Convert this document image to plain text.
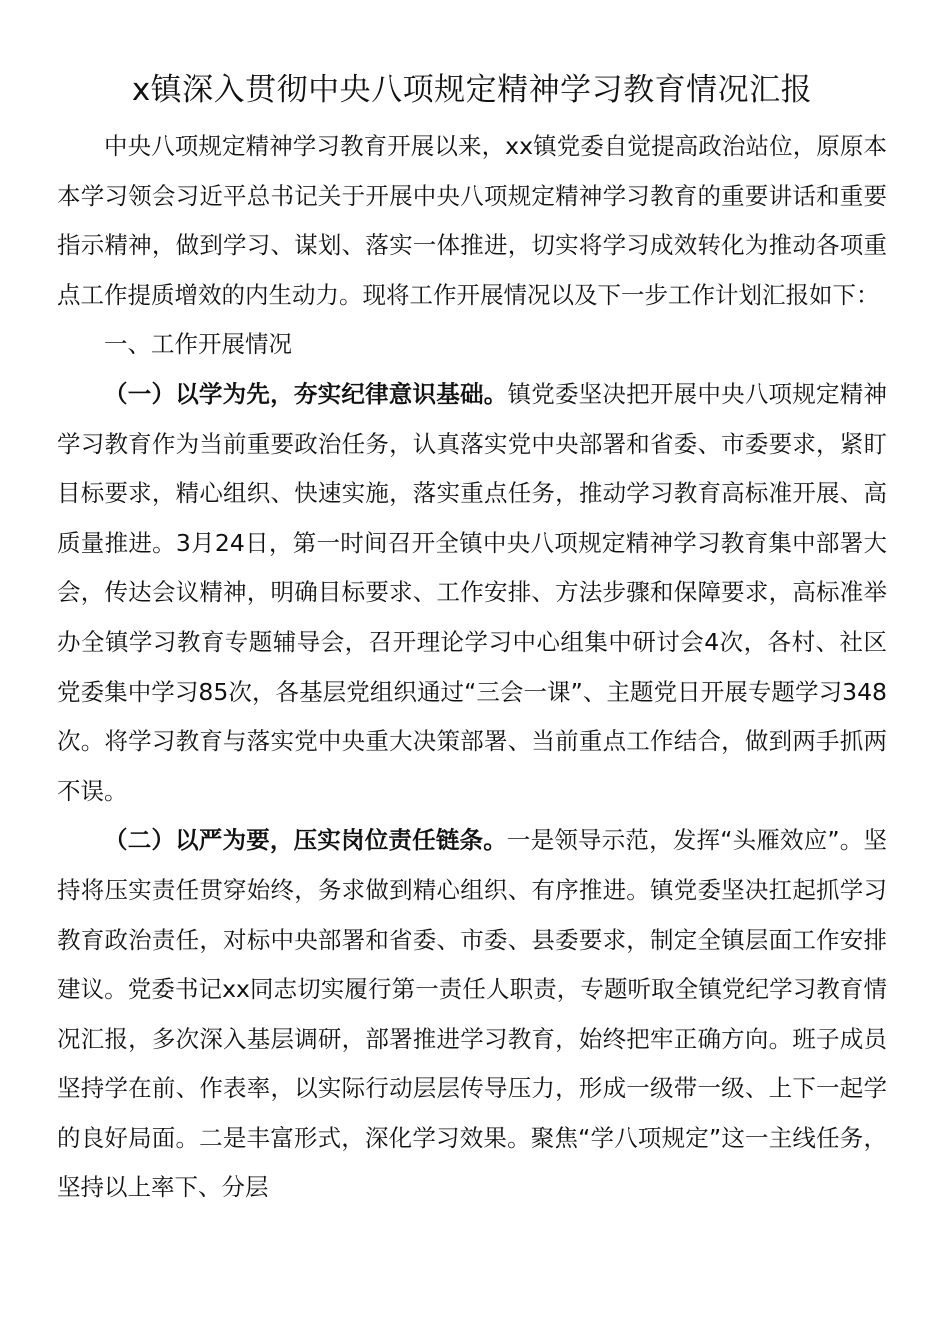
x镇深入贯彻中央八项规定精神学习教育情况汇报

中央八项规定精神学习教育开展以来，xx镇党委自觉提高政治站位，原原本本学习领会习近平总书记关于开展中央八项规定精神学习教育的重要讲话和重要指示精神，做到学习、谋划、落实一体推进，切实将学习成效转化为推动各项重点工作提质增效的内生动力。现将工作开展情况以及下一步工作计划汇报如下：

一、工作开展情况

（一）以学为先，夯实纪律意识基础。镇党委坚决把开展中央八项规定精神学习教育作为当前重要政治任务，认真落实党中央部署和省委、市委要求，紧盯目标要求，精心组织、快速实施，落实重点任务，推动学习教育高标准开展、高质量推进。3月24日，第一时间召开全镇中央八项规定精神学习教育集中部署大会，传达会议精神，明确目标要求、工作安排、方法步骤和保障要求，高标准举办全镇学习教育专题辅导会，召开理论学习中心组集中研讨会4次，各村、社区党委集中学习85次，各基层党组织通过“三会一课”、主题党日开展专题学习348次。将学习教育与落实党中央重大决策部署、当前重点工作结合，做到两手抓两不误。

（二）以严为要，压实岗位责任链条。一是领导示范，发挥“头雁效应”。坚持将压实责任贯穿始终，务求做到精心组织、有序推进。镇党委坚决扛起抓学习教育政治责任，对标中央部署和省委、市委、县委要求，制定全镇层面工作安排建议。党委书记xx同志切实履行第一责任人职责，专题听取全镇党纪学习教育情况汇报，多次深入基层调研，部署推进学习教育，始终把牢正确方向。班子成员坚持学在前、作表率，以实际行动层层传导压力，形成一级带一级、上下一起学的良好局面。二是丰富形式，深化学习效果。聚焦“学八项规定”这一主线任务，坚持以上率下、分层
